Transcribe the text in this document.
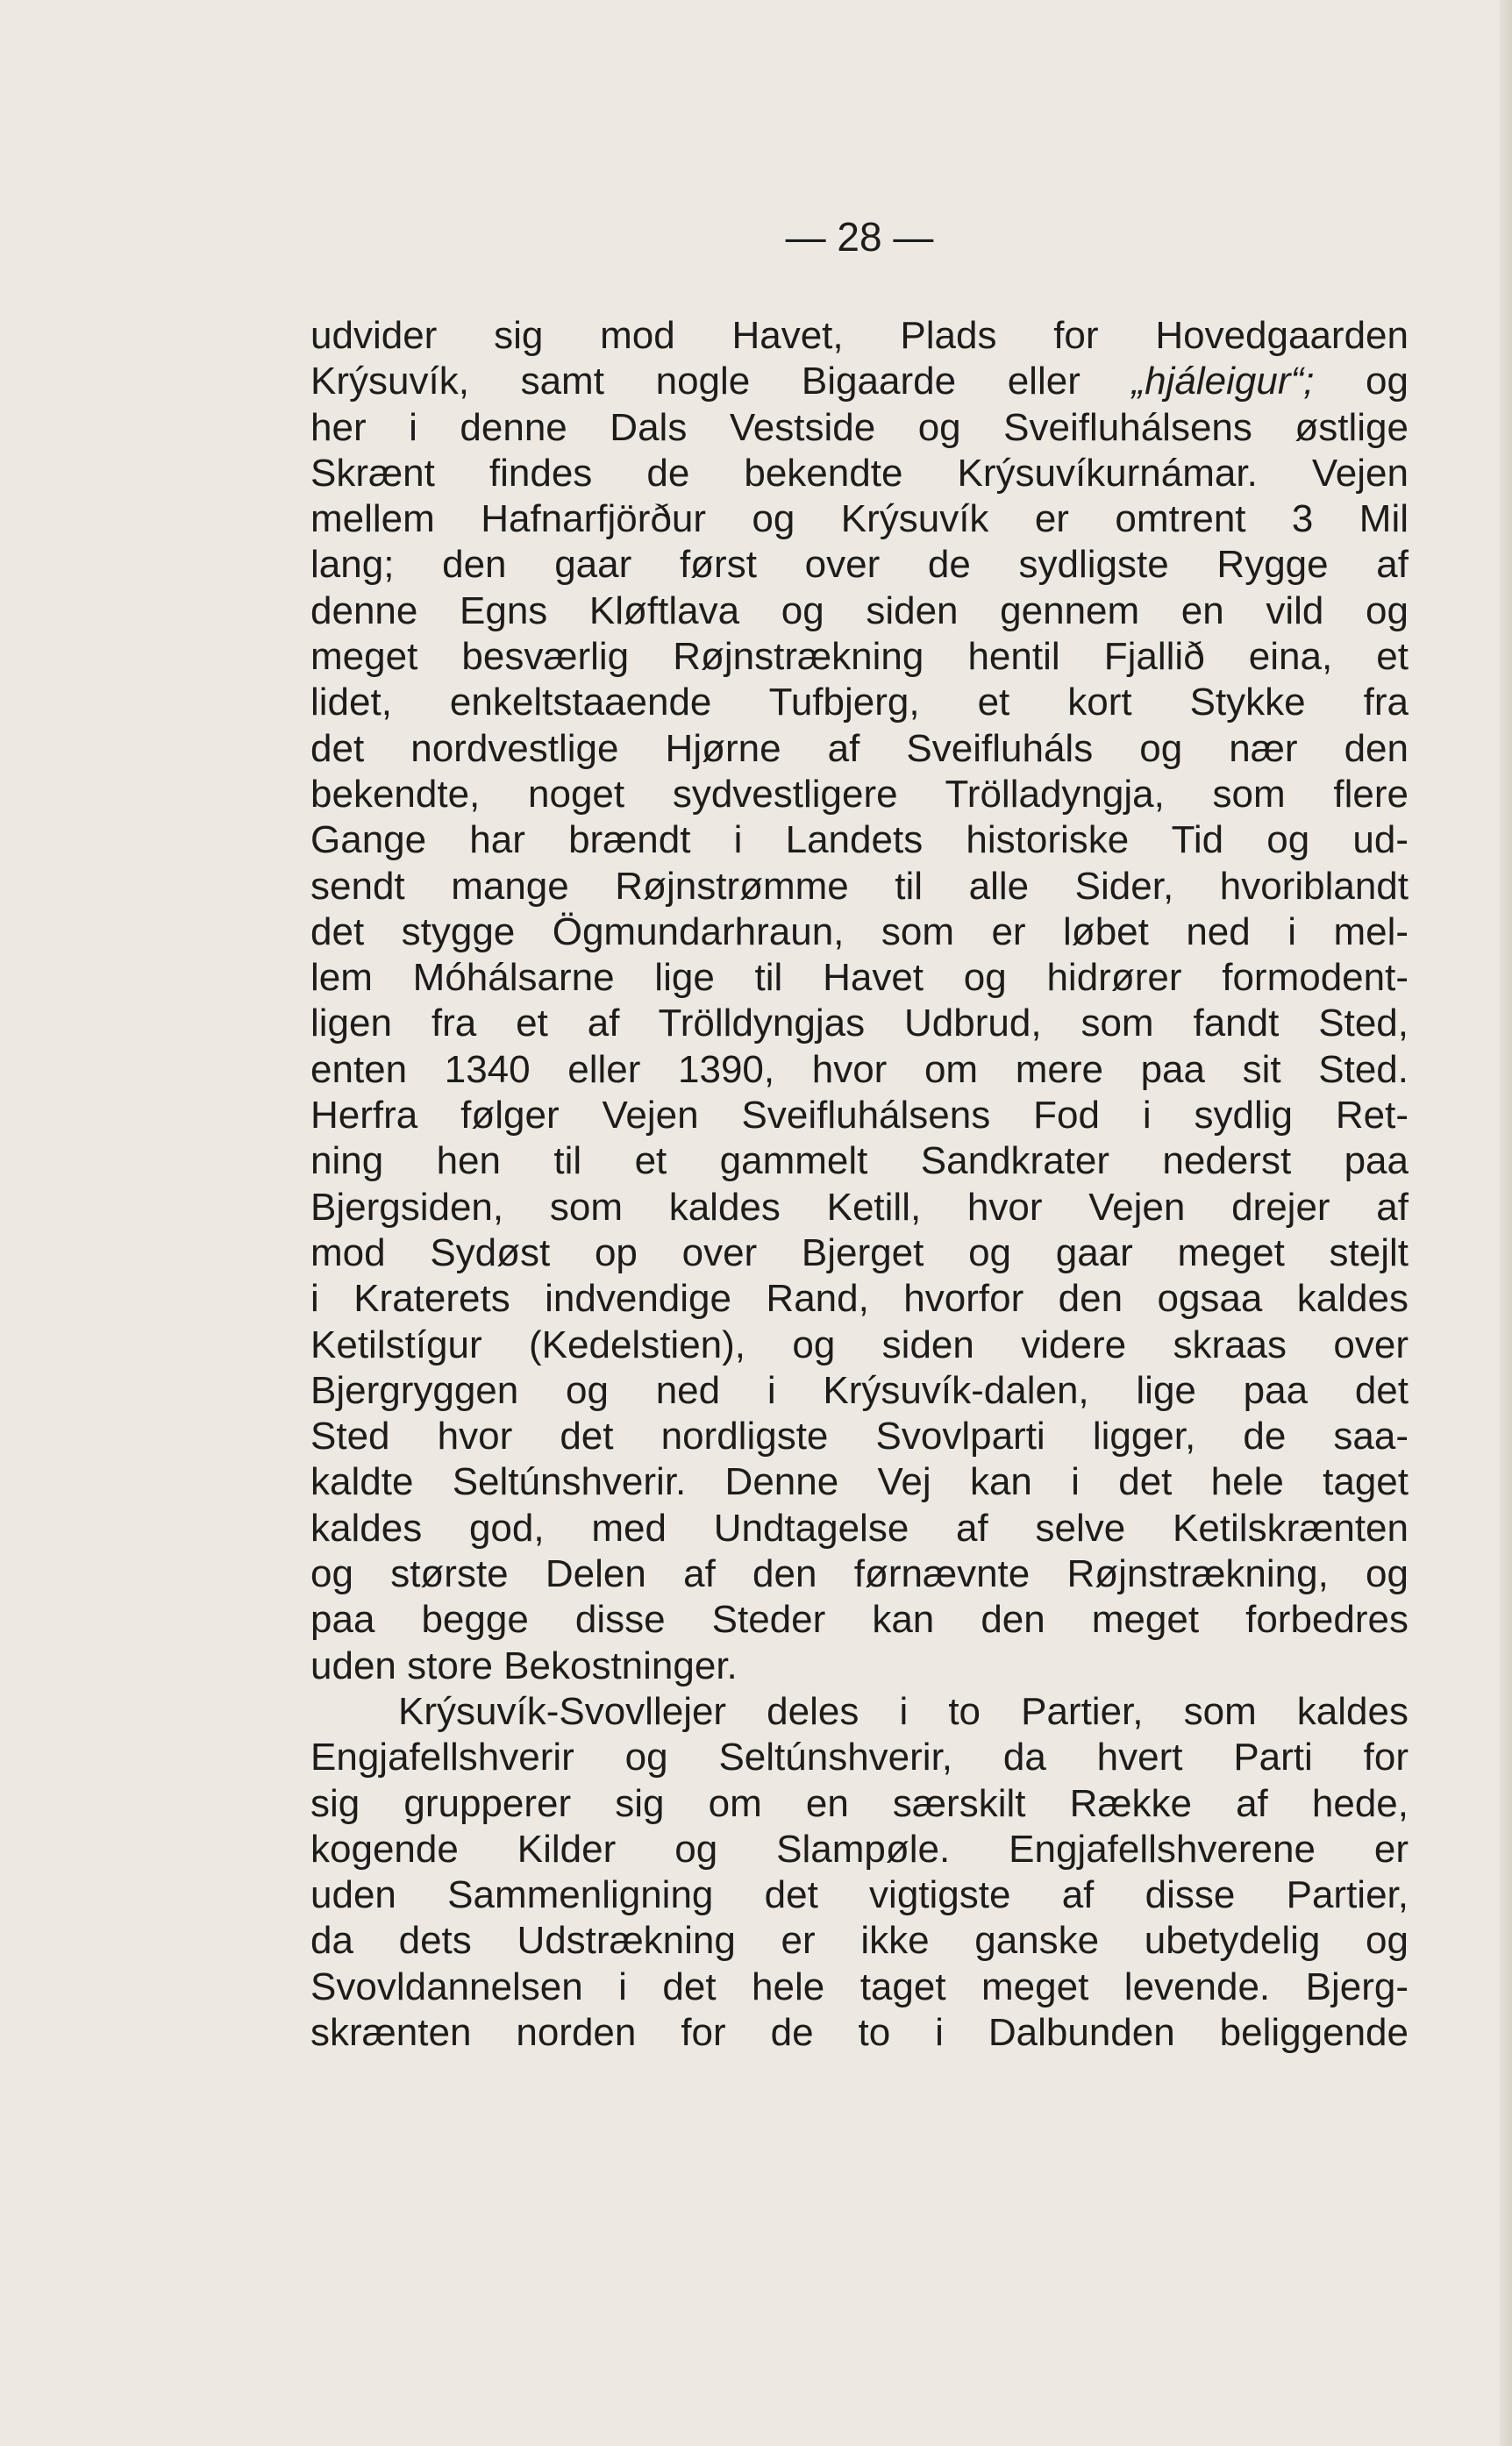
— 28 —
udvider sig mod Havet, Plads for Hovedgaarden
Krýsuvík, samt nogle Bigaarde eller „hjáleigur“; og
her i denne Dals Vestside og Sveifluhálsens østlige
Skrænt findes de bekendte Krýsuvíkurnámar. Vejen
mellem Hafnarfjörður og Krýsuvík er omtrent 3 Mil
lang; den gaar først over de sydligste Rygge af
denne Egns Kløftlava og siden gennem en vild og
meget besværlig Røjnstrækning hentil Fjallið eina, et
lidet, enkeltstaaende Tufbjerg, et kort Stykke fra
det nordvestlige Hjørne af Sveifluháls og nær den
bekendte, noget sydvestligere Trölladyngja, som flere
Gange har brændt i Landets historiske Tid og ud-
sendt mange Røjnstrømme til alle Sider, hvoriblandt
det stygge Ögmundarhraun, som er løbet ned i mel-
lem Móhálsarne lige til Havet og hidrører formodent-
ligen fra et af Trölldyngjas Udbrud, som fandt Sted,
enten 1340 eller 1390, hvor om mere paa sit Sted.
Herfra følger Vejen Sveifluhálsens Fod i sydlig Ret-
ning hen til et gammelt Sandkrater nederst paa
Bjergsiden, som kaldes Ketill, hvor Vejen drejer af
mod Sydøst op over Bjerget og gaar meget stejlt
i Kraterets indvendige Rand, hvorfor den ogsaa kaldes
Ketilstígur (Kedelstien), og siden videre skraas over
Bjergryggen og ned i Krýsuvík-dalen, lige paa det
Sted hvor det nordligste Svovlparti ligger, de saa-
kaldte Seltúnshverir. Denne Vej kan i det hele taget
kaldes god, med Undtagelse af selve Ketilskrænten
og største Delen af den førnævnte Røjnstrækning, og
paa begge disse Steder kan den meget forbedres
uden store Bekostninger.
Krýsuvík-Svovllejer deles i to Partier, som kaldes
Engjafellshverir og Seltúnshverir, da hvert Parti for
sig grupperer sig om en særskilt Række af hede,
kogende Kilder og Slampøle. Engjafellshverene er
uden Sammenligning det vigtigste af disse Partier,
da dets Udstrækning er ikke ganske ubetydelig og
Svovldannelsen i det hele taget meget levende. Bjerg-
skrænten norden for de to i Dalbunden beliggende
